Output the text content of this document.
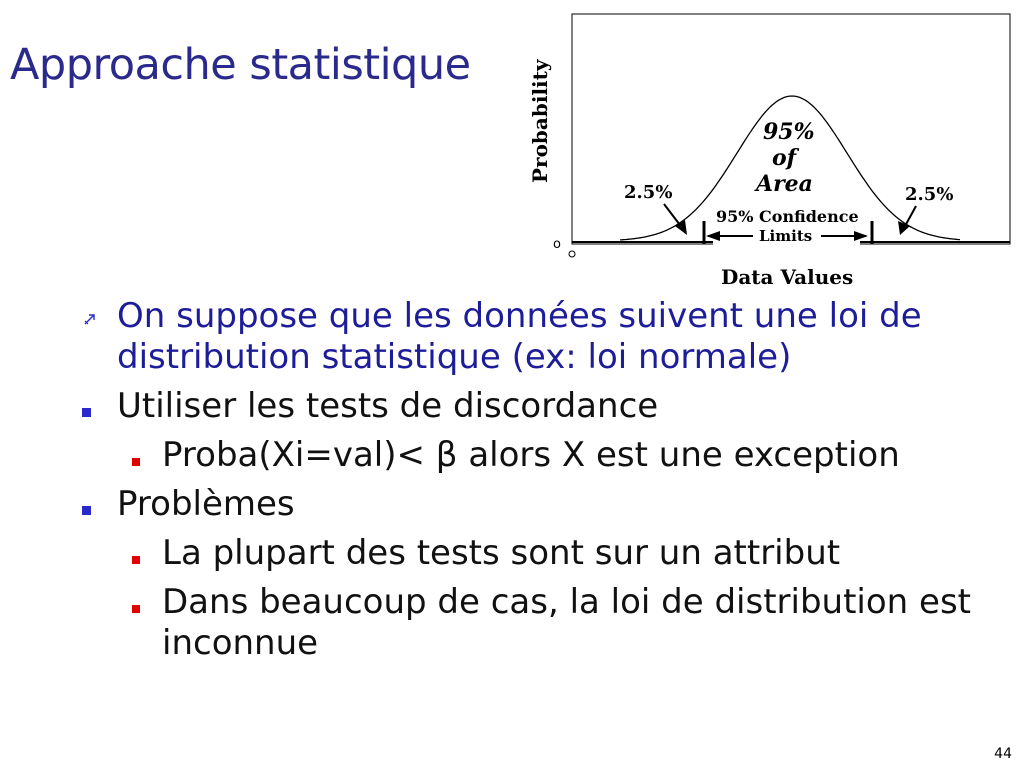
Approache statistique	Probability
Data Values
95%
of
Area
2.5%	2.5%
95% Confidence
Limits
o
On suppose que les données suivent une loi de distribution statistique (ex: loi normale)
Utiliser les tests de discordance
Proba(Xi=val)< β alors X est une exception
Problèmes
La plupart des tests sont sur un attribut
Dans beaucoup de cas, la loi de distribution est inconnue
44
